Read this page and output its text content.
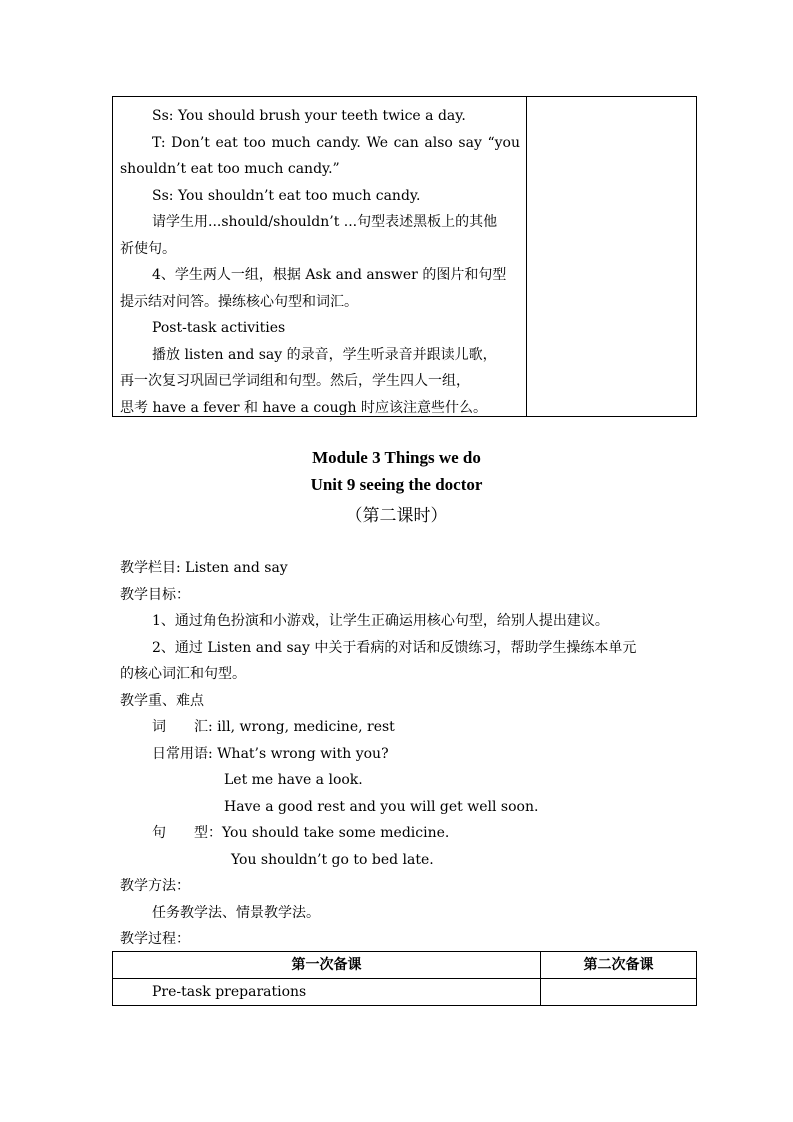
Ss: You should brush your teeth twice a day.
T: Don’t eat too much candy. We can also say “you
shouldn’t eat too much candy.”
Ss: You shouldn’t eat too much candy.
请学生用...should/shouldn’t ...句型表述黑板上的其他
祈使句。
4、学生两人一组，根据 Ask and answer 的图片和句型
提示结对问答。操练核心句型和词汇。
Post-task activities
播放 listen and say 的录音，学生听录音并跟读儿歌，
再一次复习巩固已学词组和句型。然后，学生四人一组，
思考 have a fever 和 have a cough 时应该注意些什么。
Module 3 Things we do
Unit 9 seeing the doctor
（第二课时）
教学栏目: Listen and say
教学目标：
1、通过角色扮演和小游戏，让学生正确运用核心句型，给别人提出建议。
2、通过 Listen and say 中关于看病的对话和反馈练习，帮助学生操练本单元
的核心词汇和句型。
教学重、难点
词　　汇: ill, wrong, medicine, rest
日常用语: What’s wrong with you?
Let me have a look.
Have a good rest and you will get well soon.
句　　型：You should take some medicine.
You shouldn’t go to bed late.
教学方法：
任务教学法、情景教学法。
教学过程：
第一次备课	第二次备课
Pre-task preparations
